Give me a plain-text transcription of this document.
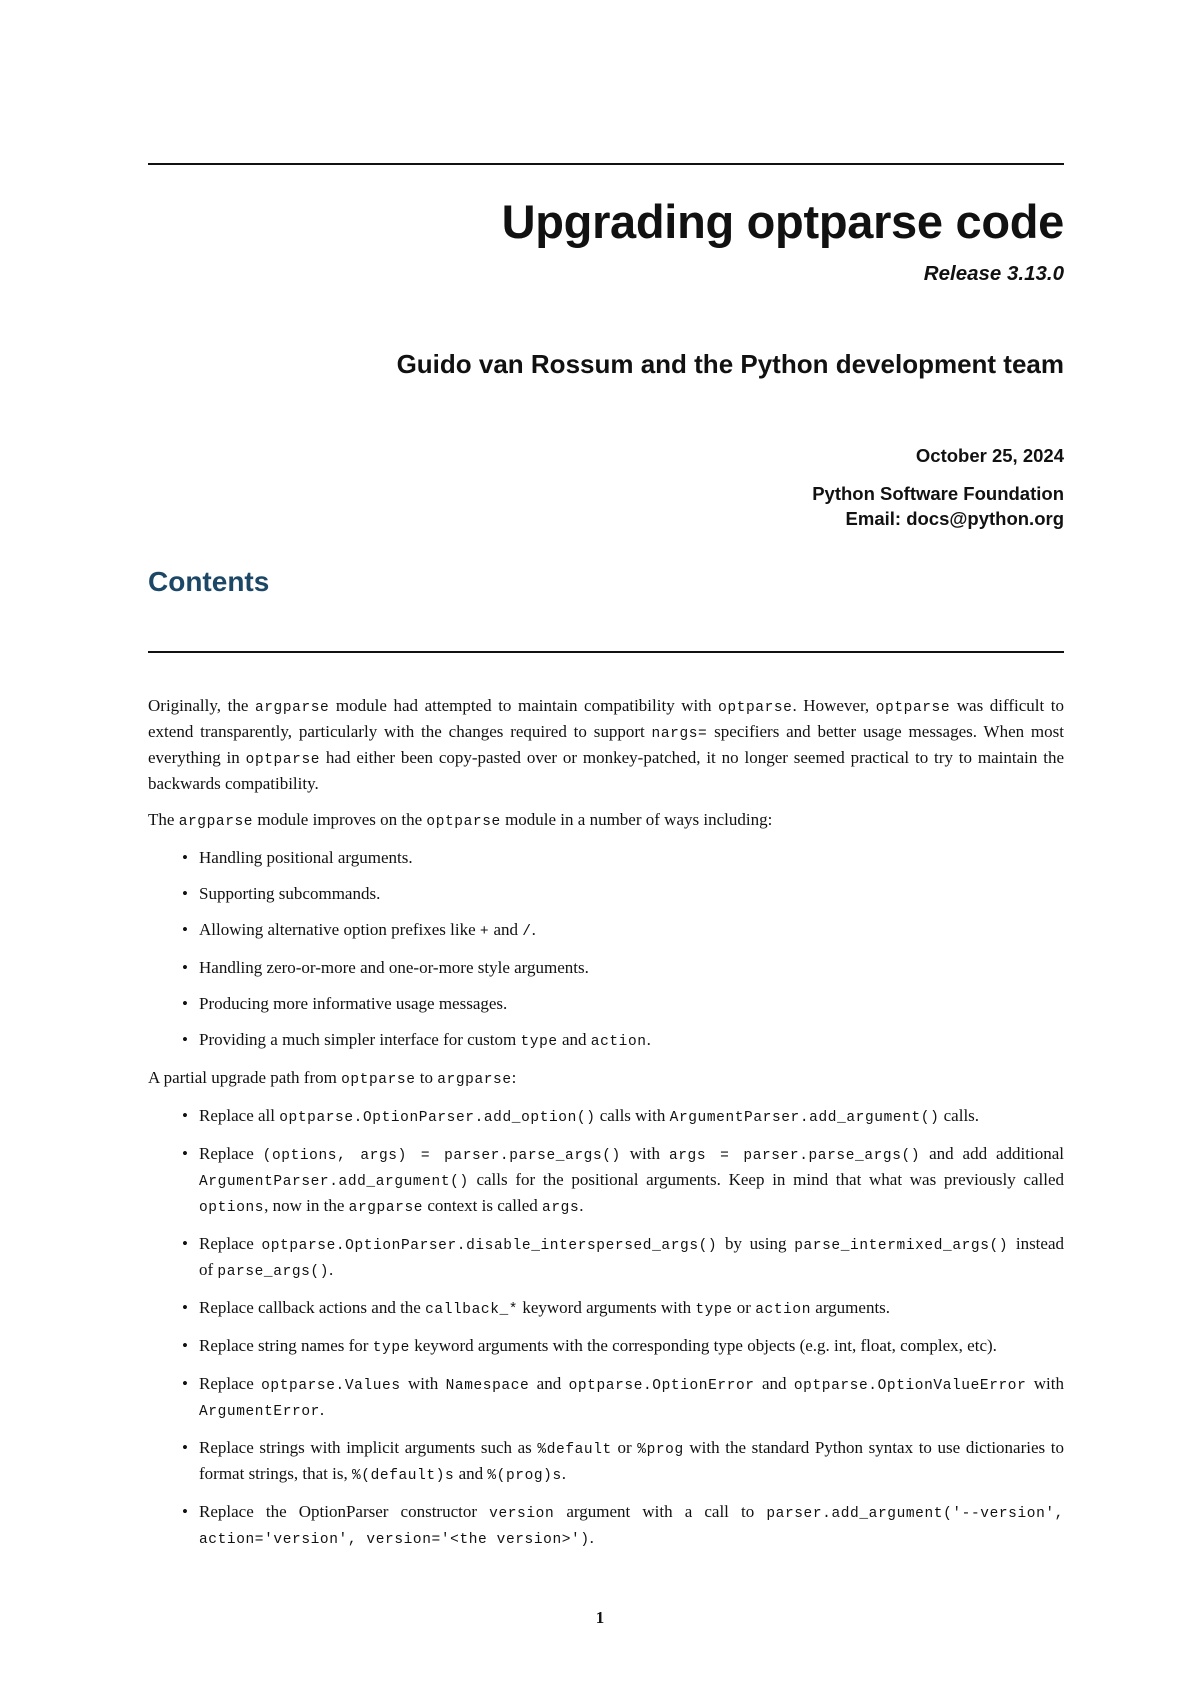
Upgrading optparse code
Release 3.13.0
Guido van Rossum and the Python development team
October 25, 2024
Python Software Foundation
Email: docs@python.org
Contents

Originally, the argparse module had attempted to maintain compatibility with optparse. However, optparse was difficult to extend transparently, particularly with the changes required to support nargs= specifiers and better usage messages. When most everything in optparse had either been copy-pasted over or monkey-patched, it no longer seemed practical to try to maintain the backwards compatibility.

The argparse module improves on the optparse module in a number of ways including:

• Handling positional arguments.
• Supporting subcommands.
• Allowing alternative option prefixes like + and /.
• Handling zero-or-more and one-or-more style arguments.
• Producing more informative usage messages.
• Providing a much simpler interface for custom type and action.

A partial upgrade path from optparse to argparse:

• Replace all optparse.OptionParser.add_option() calls with ArgumentParser.add_argument() calls.
• Replace (options, args) = parser.parse_args() with args = parser.parse_args() and add additional ArgumentParser.add_argument() calls for the positional arguments. Keep in mind that what was previously called options, now in the argparse context is called args.
• Replace optparse.OptionParser.disable_interspersed_args() by using parse_intermixed_args() instead of parse_args().
• Replace callback actions and the callback_* keyword arguments with type or action arguments.
• Replace string names for type keyword arguments with the corresponding type objects (e.g. int, float, complex, etc).
• Replace optparse.Values with Namespace and optparse.OptionError and optparse.OptionValueError with ArgumentError.
• Replace strings with implicit arguments such as %default or %prog with the standard Python syntax to use dictionaries to format strings, that is, %(default)s and %(prog)s.
• Replace the OptionParser constructor version argument with a call to parser.add_argument('--version', action='version', version='<the version>').
1
